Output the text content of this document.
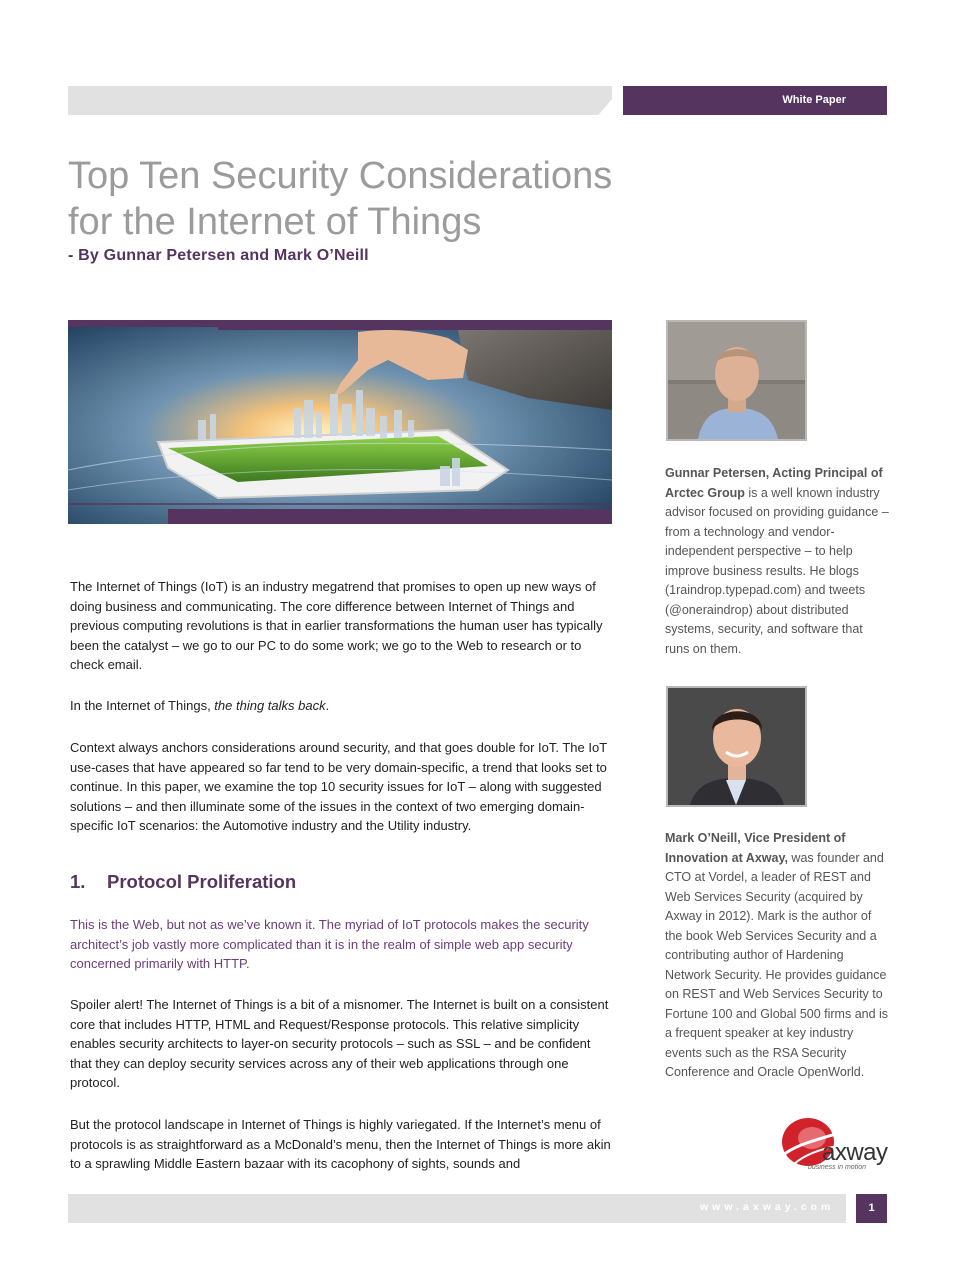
White Paper
Top Ten Security Considerations
for the Internet of Things
- By Gunnar Petersen and Mark O’Neill
The Internet of Things (IoT) is an industry megatrend that promises to open up new ways of doing business and communicating. The core difference between Internet of Things and previous computing revolutions is that in earlier transformations the human user has typically been the catalyst – we go to our PC to do some work; we go to the Web to research or to check email.
In the Internet of Things, the thing talks back.
Context always anchors considerations around security, and that goes double for IoT. The IoT use-cases that have appeared so far tend to be very domain-specific, a trend that looks set to continue. In this paper, we examine the top 10 security issues for IoT – along with suggested solutions – and then illuminate some of the issues in the context of two emerging domain-specific IoT scenarios: the Automotive industry and the Utility industry.
1. Protocol Proliferation
This is the Web, but not as we’ve known it. The myriad of IoT protocols makes the security architect’s job vastly more complicated than it is in the realm of simple web app security concerned primarily with HTTP.
Spoiler alert! The Internet of Things is a bit of a misnomer. The Internet is built on a consistent core that includes HTTP, HTML and Request/Response protocols. This relative simplicity enables security architects to layer-on security protocols – such as SSL – and be confident that they can deploy security services across any of their web applications through one protocol.
But the protocol landscape in Internet of Things is highly variegated. If the Internet’s menu of protocols is as straightforward as a McDonald’s menu, then the Internet of Things is more akin to a sprawling Middle Eastern bazaar with its cacophony of sights, sounds and
Gunnar Petersen, Acting Principal of Arctec Group is a well known industry advisor focused on providing guidance – from a technology and vendor-independent perspective – to help improve business results. He blogs (1raindrop.typepad.com) and tweets (@oneraindrop) about distributed systems, security, and software that runs on them.
Mark O’Neill, Vice President of Innovation at Axway, was founder and CTO at Vordel, a leader of REST and Web Services Security (acquired by Axway in 2012). Mark is the author of the book Web Services Security and a contributing author of Hardening Network Security. He provides guidance on REST and Web Services Security to Fortune 100 and Global 500 firms and is a frequent speaker at key industry events such as the RSA Security Conference and Oracle OpenWorld.
axway
business in motion
www.axway.com	1
